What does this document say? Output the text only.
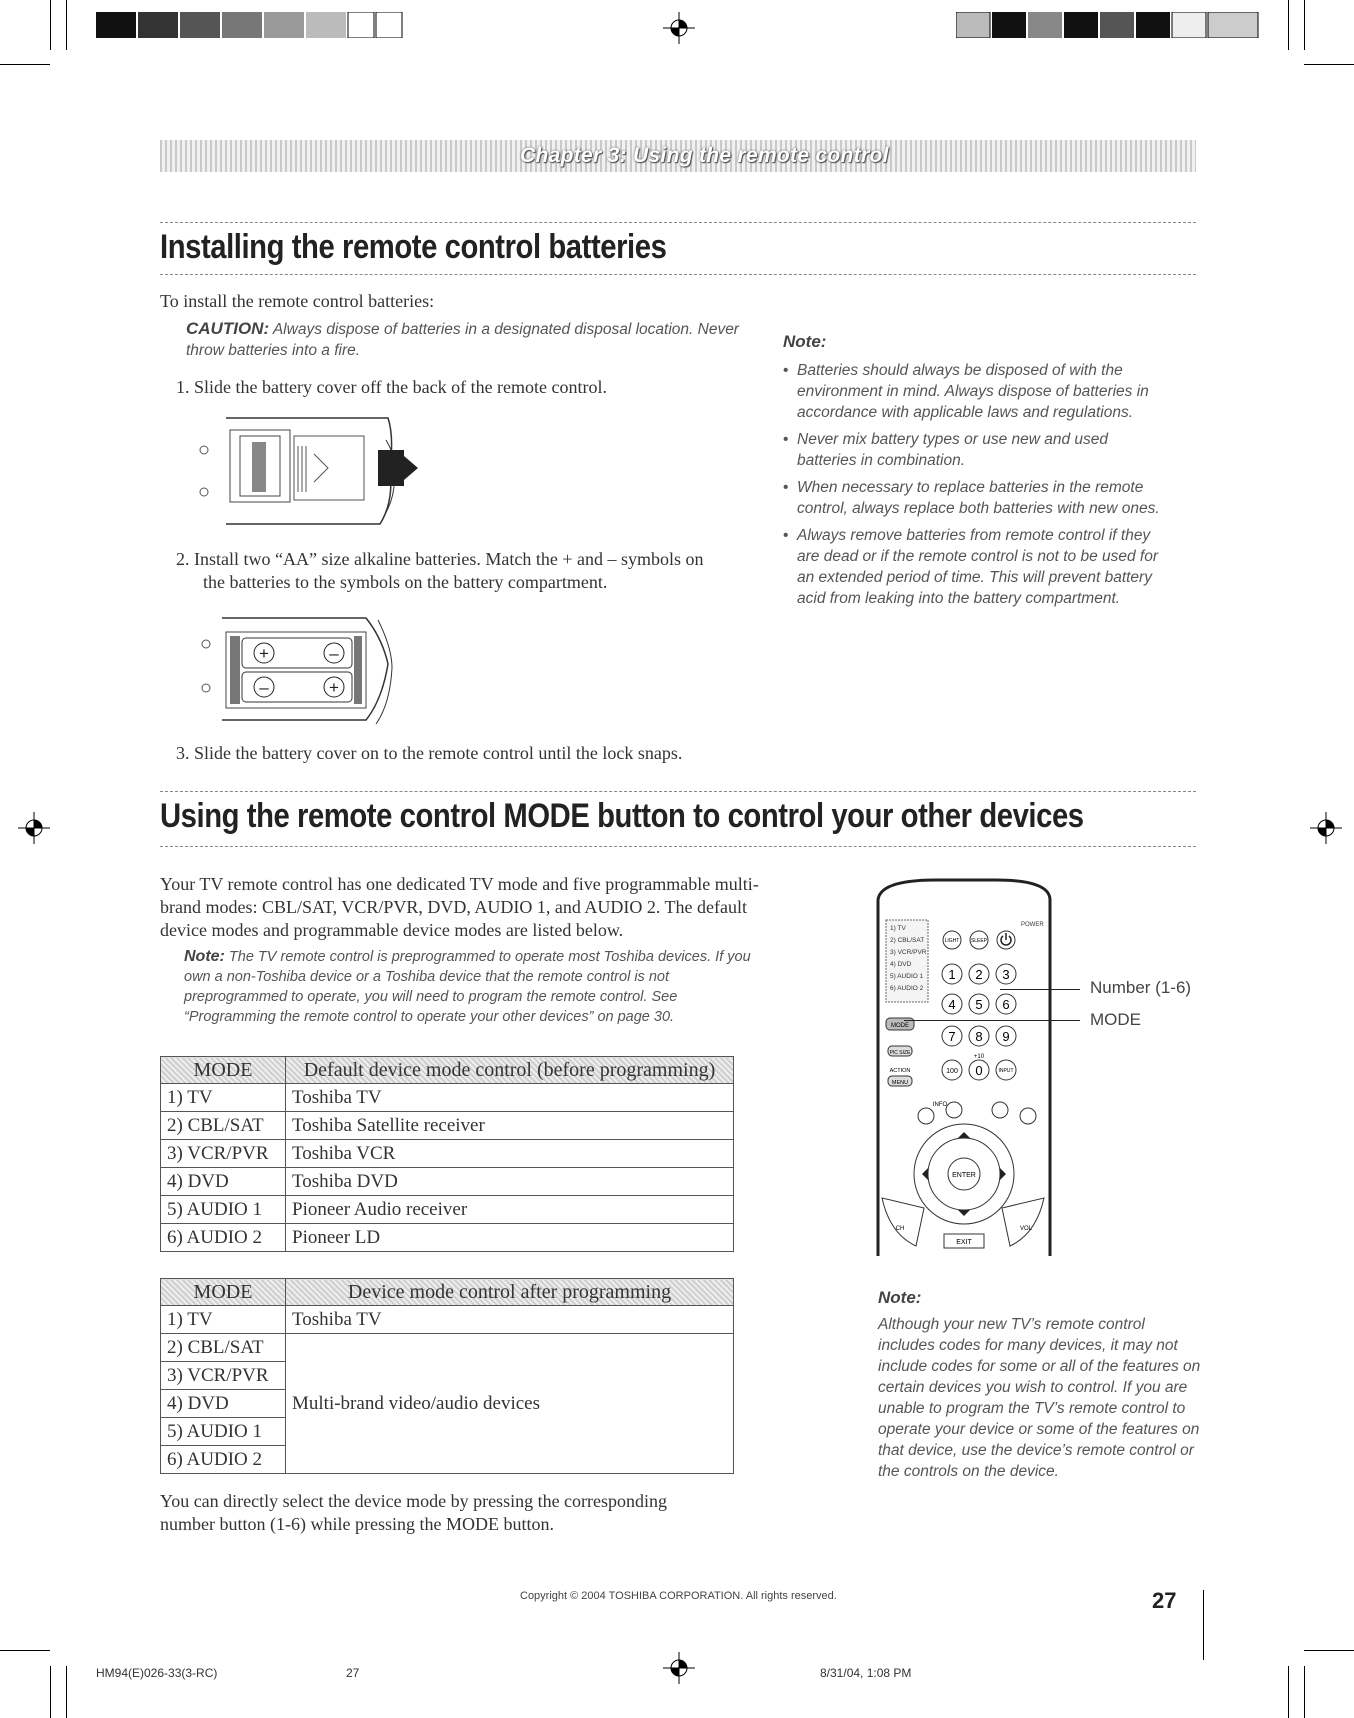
Chapter 3: Using the remote control
Installing the remote control batteries
To install the remote control batteries:
CAUTION: Always dispose of batteries in a designated disposal location. Never throw batteries into a fire.
1. Slide the battery cover off the back of the remote control.
2. Install two “AA” size alkaline batteries. Match the + and – symbols on
the batteries to the symbols on the battery compartment.
+	–
–	+
3. Slide the battery cover on to the remote control until the lock snaps.
Note:
• Batteries should always be disposed of with the environment in mind. Always dispose of batteries in accordance with applicable laws and regulations.
• Never mix battery types or use new and used batteries in combination.
• When necessary to replace batteries in the remote control, always replace both batteries with new ones.
• Always remove batteries from remote control if they are dead or if the remote control is not to be used for an extended period of time. This will prevent battery acid from leaking into the battery compartment.
Using the remote control MODE button to control your other devices
Your TV remote control has one dedicated TV mode and five programmable multi-brand modes: CBL/SAT, VCR/PVR, DVD, AUDIO 1, and AUDIO 2. The default device modes and programmable device modes are listed below.
Note: The TV remote control is preprogrammed to operate most Toshiba devices. If you own a non-Toshiba device or a Toshiba device that the remote control is not preprogrammed to operate, you will need to program the remote control. See “Programming the remote control to operate your other devices” on page 30.
MODE	Default device mode control (before programming)
1) TV	Toshiba TV
2) CBL/SAT	Toshiba Satellite receiver
3) VCR/PVR	Toshiba VCR
4) DVD	Toshiba DVD
5) AUDIO 1	Pioneer Audio receiver
6) AUDIO 2	Pioneer LD
MODE	Device mode control after programming
1) TV	Toshiba TV
2) CBL/SAT	Multi-brand video/audio devices
3) VCR/PVR	
4) DVD	
5) AUDIO 1	
6) AUDIO 2	
You can directly select the device mode by pressing the corresponding number button (1-6) while pressing the MODE button.
1) TV
2) CBL/SAT
3) VCR/PVR
4) DVD
5) AUDIO 1
6) AUDIO 2
POWER
LIGHT SLEEP
1 2 3
4 5 6
MODE
7 8 9
PIC SIZE
+10
ACTION
MENU
100 0	INPUT
INFO
ENTER
CH	VOL
EXIT
Number (1-6)
MODE
Note:
Although your new TV’s remote control includes codes for many devices, it may not include codes for some or all of the features on certain devices you wish to control. If you are unable to program the TV’s remote control to operate your device or some of the features on that device, use the device’s remote control or the controls on the device.
Copyright © 2004 TOSHIBA CORPORATION. All rights reserved.	27
HM94(E)026-33(3-RC)	27	8/31/04, 1:08 PM
